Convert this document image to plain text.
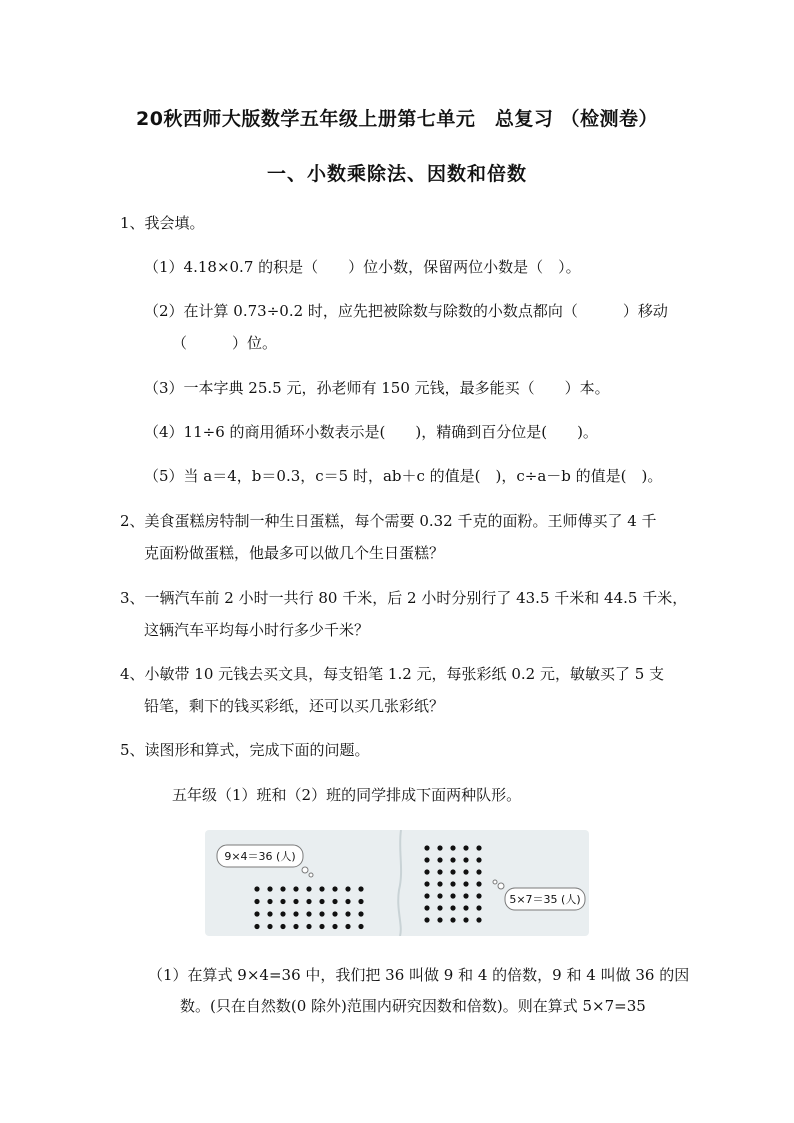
20秋西师大版数学五年级上册第七单元　总复习 （检测卷）
一、小数乘除法、因数和倍数
1、我会填。
（1）4.18×0.7 的积是（　　）位小数，保留两位小数是（　）。
（2）在计算 0.73÷0.2 时，应先把被除数与除数的小数点都向（　　　）移动
（　　　）位。
（3）一本字典 25.5 元，孙老师有 150 元钱，最多能买（　　）本。
（4）11÷6 的商用循环小数表示是(　　)，精确到百分位是(　　)。
（5）当 a＝4，b＝0.3，c＝5 时，ab＋c 的值是(　)，c÷a－b 的值是(　)。
2、美食蛋糕房特制一种生日蛋糕，每个需要 0.32 千克的面粉。王师傅买了 4 千
克面粉做蛋糕，他最多可以做几个生日蛋糕？
3、一辆汽车前 2 小时一共行 80 千米，后 2 小时分别行了 43.5 千米和 44.5 千米，
这辆汽车平均每小时行多少千米？
4、小敏带 10 元钱去买文具，每支铅笔 1.2 元，每张彩纸 0.2 元，敏敏买了 5 支
铅笔，剩下的钱买彩纸，还可以买几张彩纸？
5、读图形和算式，完成下面的问题。
五年级（1）班和（2）班的同学排成下面两种队形。
9×4＝36 (人)
5×7＝35 (人)
（1）在算式 9×4=36 中，我们把 36 叫做 9 和 4 的倍数，9 和 4 叫做 36 的因
数。(只在自然数(0 除外)范围内研究因数和倍数)。则在算式 5×7=35
